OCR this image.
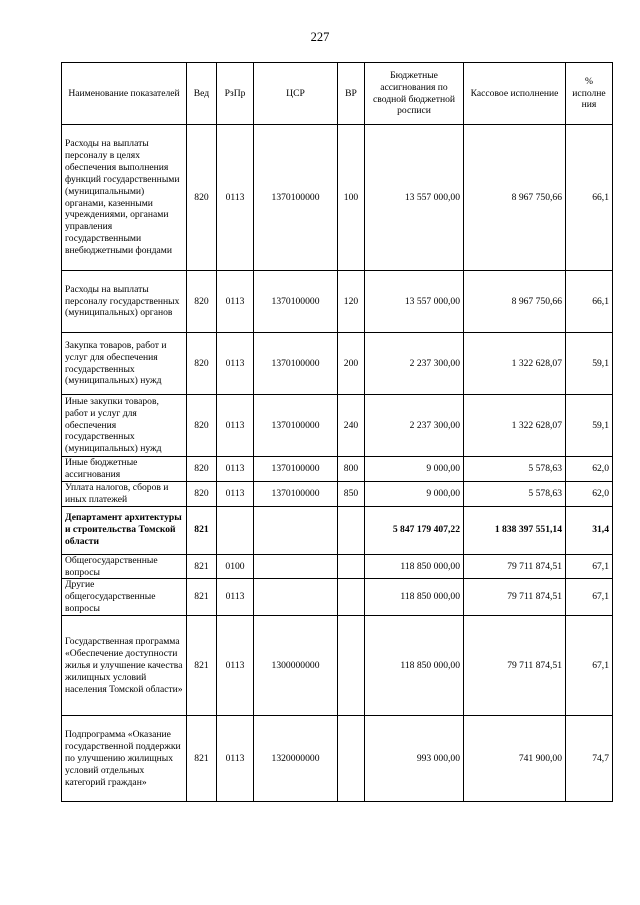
227
Наименование показателей	Вед	РзПр	ЦСР	ВР	Бюджетные ассигнования по сводной бюджетной росписи	Кассовое исполнение	% исполне ния
Расходы на выплаты персоналу в целях обеспечения выполнения функций государственными (муниципальными) органами, казенными учреждениями, органами управления государственными внебюджетными фондами	820	0113	1370100000	100	13 557 000,00	8 967 750,66	66,1
Расходы на выплаты персоналу государственных (муниципальных) органов	820	0113	1370100000	120	13 557 000,00	8 967 750,66	66,1
Закупка товаров, работ и услуг для обеспечения государственных (муниципальных) нужд	820	0113	1370100000	200	2 237 300,00	1 322 628,07	59,1
Иные закупки товаров, работ и услуг для обеспечения государственных (муниципальных) нужд	820	0113	1370100000	240	2 237 300,00	1 322 628,07	59,1
Иные бюджетные ассигнования	820	0113	1370100000	800	9 000,00	5 578,63	62,0
Уплата налогов, сборов и иных платежей	820	0113	1370100000	850	9 000,00	5 578,63	62,0
Департамент архитектуры и строительства Томской области	821				5 847 179 407,22	1 838 397 551,14	31,4
Общегосударственные вопросы	821	0100			118 850 000,00	79 711 874,51	67,1
Другие общегосударственные вопросы	821	0113			118 850 000,00	79 711 874,51	67,1
Государственная программа «Обеспечение доступности жилья и улучшение качества жилищных условий населения Томской области»	821	0113	1300000000		118 850 000,00	79 711 874,51	67,1
Подпрограмма «Оказание государственной поддержки по улучшению жилищных условий отдельных категорий граждан»	821	0113	1320000000		993 000,00	741 900,00	74,7
